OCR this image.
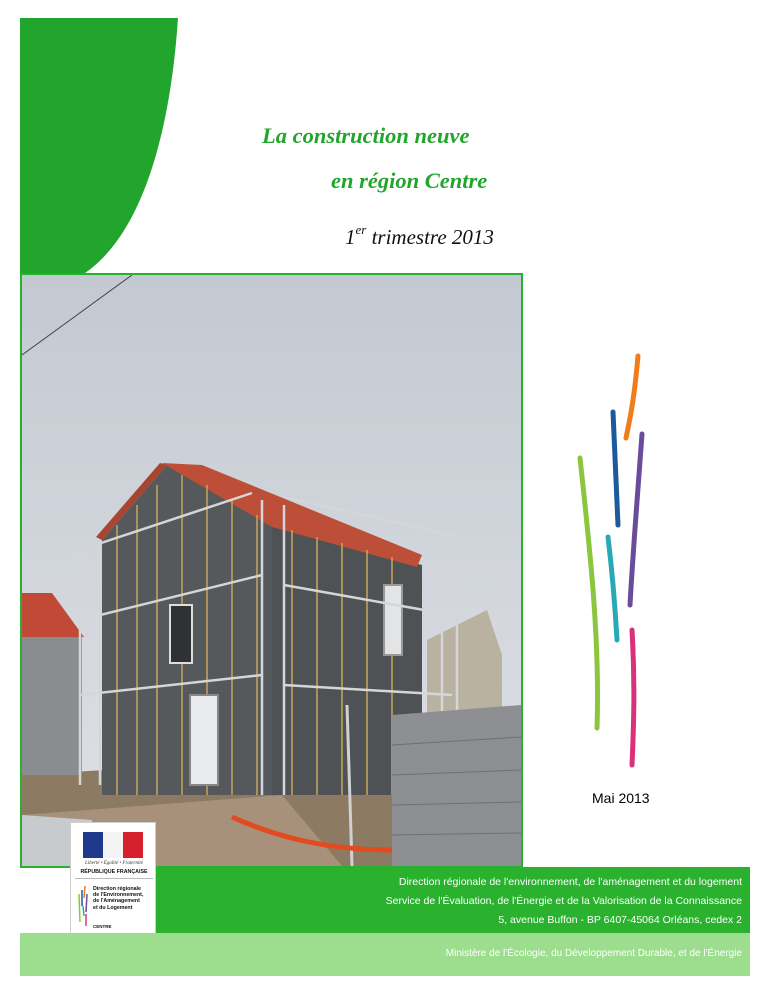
La construction neuve
en région Centre
1er trimestre 2013
Mai 2013
Liberté • Égalité • Fraternité
RÉPUBLIQUE FRANÇAISE
Direction régionale
de l'Environnement,
de l'Aménagement
et du Logement
CENTRE
Direction régionale de l'environnement, de l'aménagement et du logement
Service de l'Évaluation, de l'Énergie et de la Valorisation de la Connaissance
5, avenue Buffon - BP 6407-45064 Orléans, cedex 2
Ministère de l'Écologie, du Développement Durable, et de l'Énergie
